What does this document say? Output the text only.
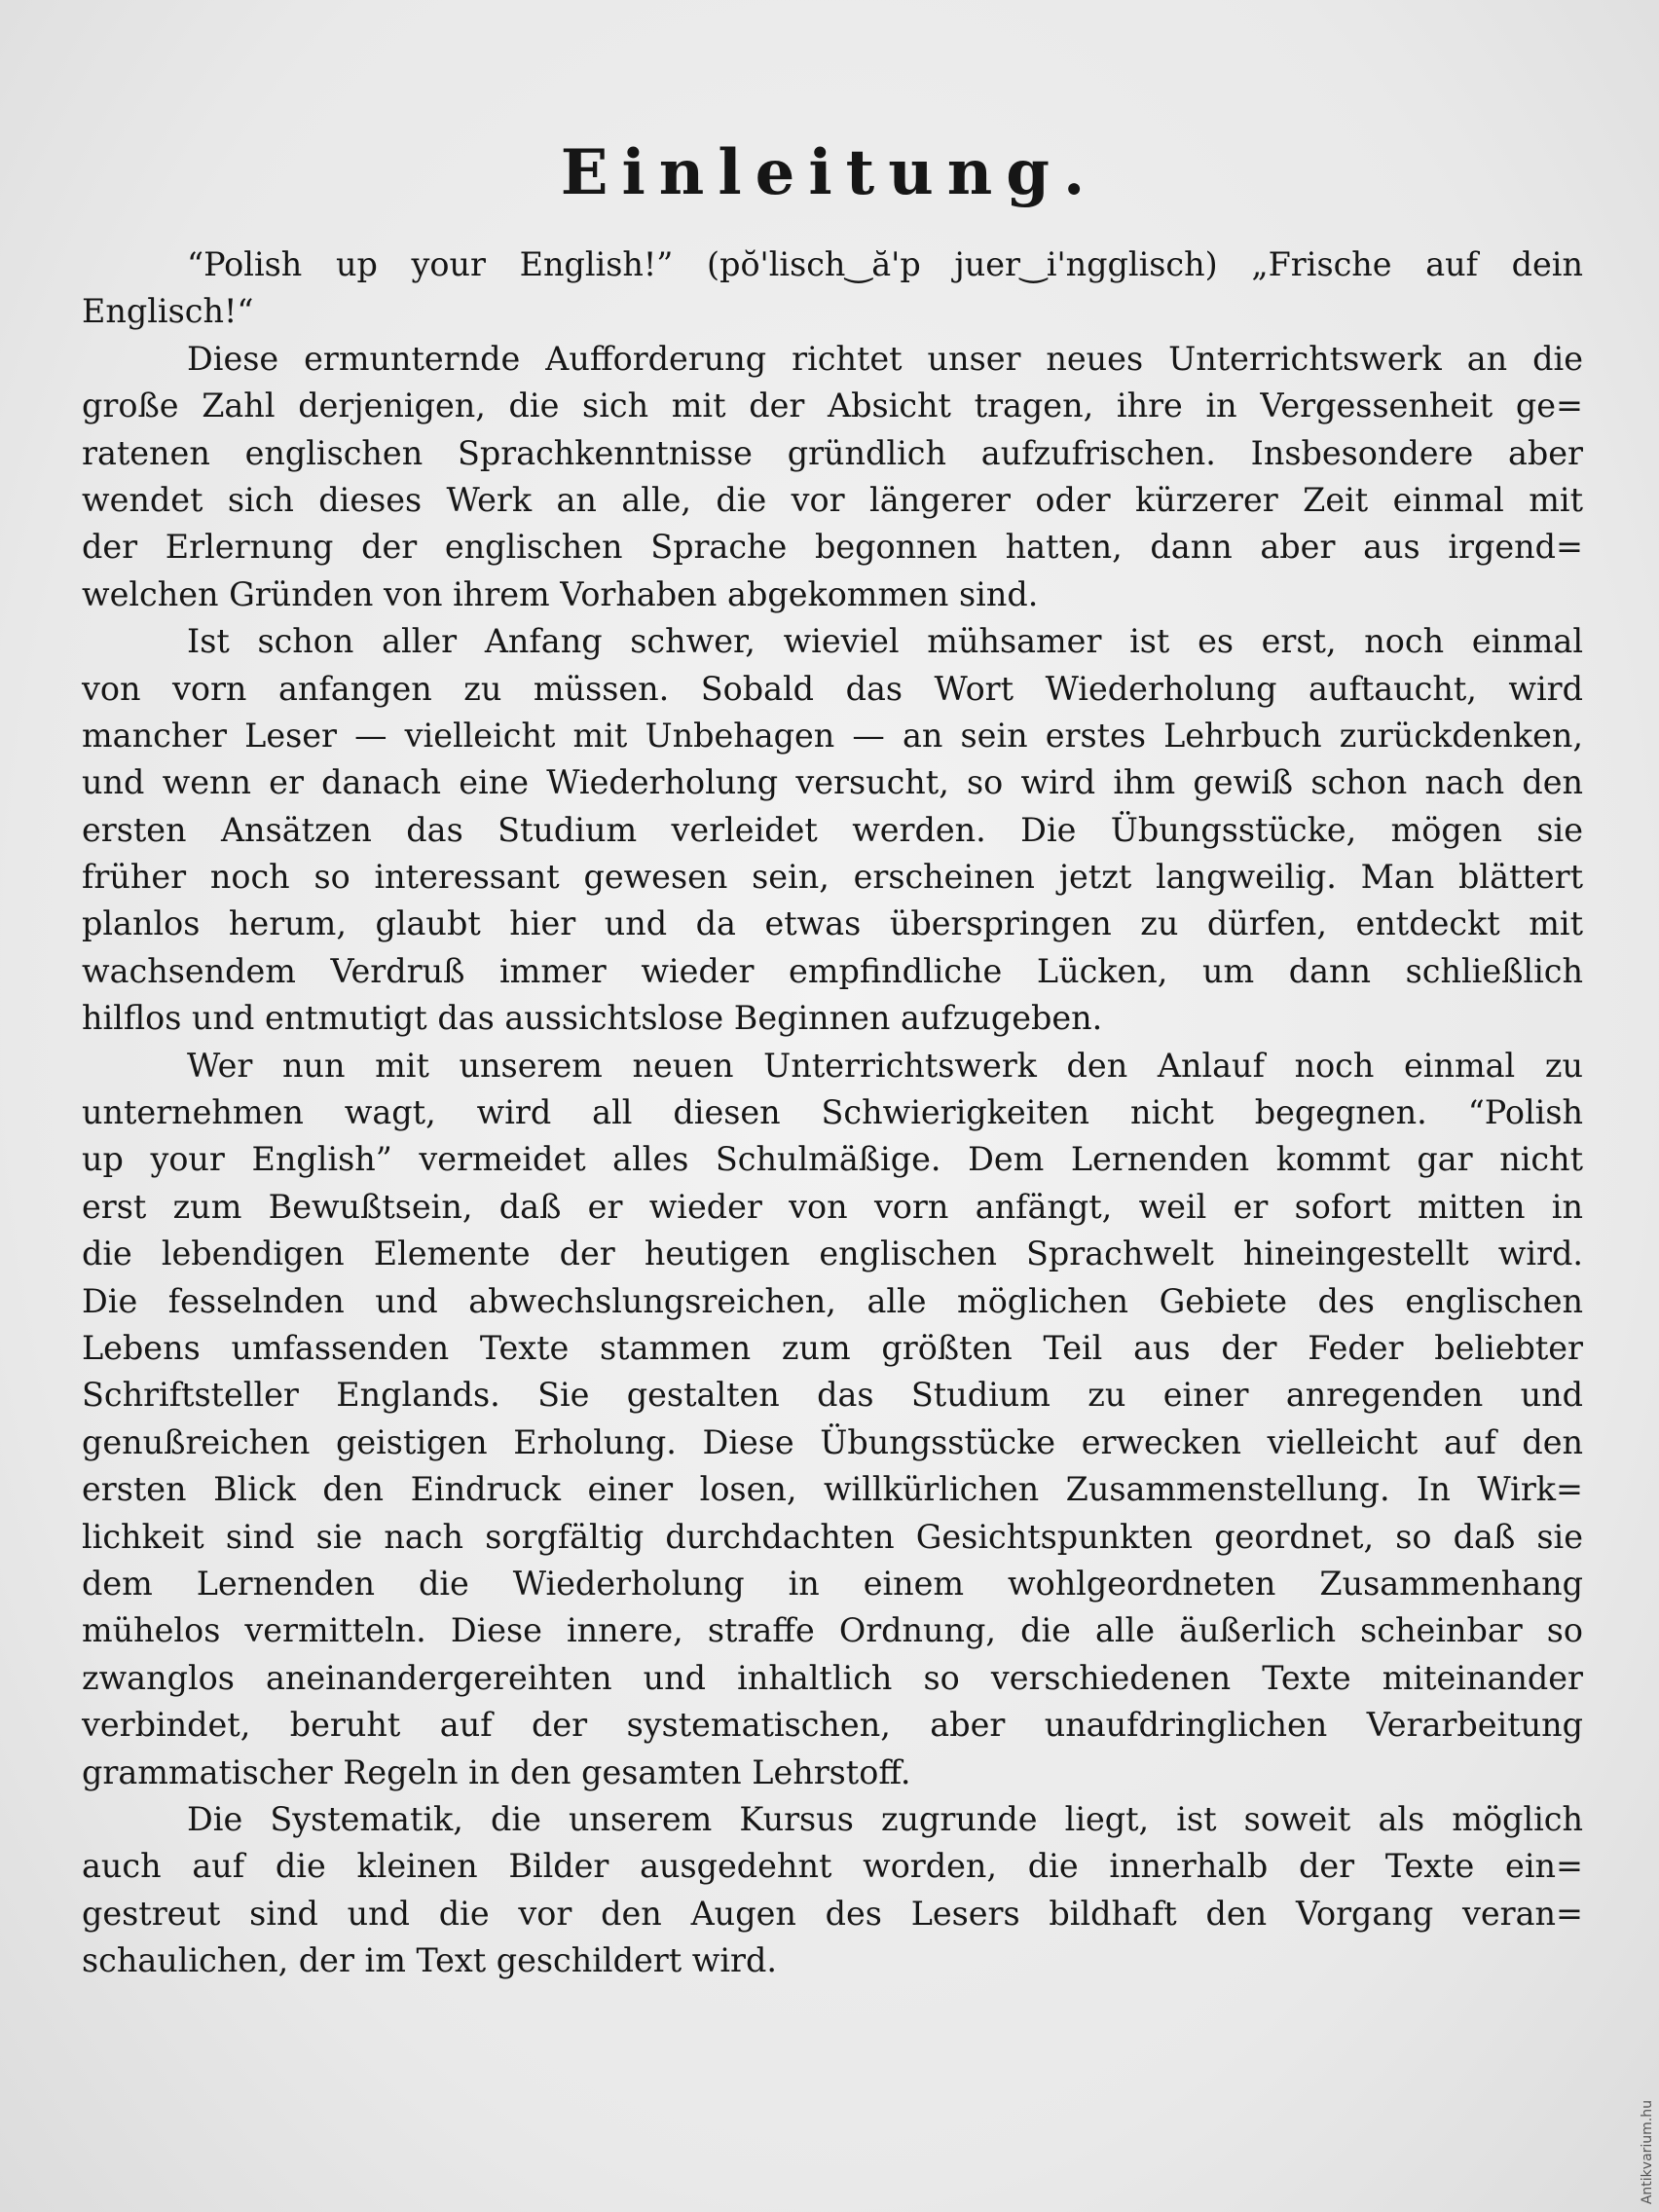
Einleitung.
“Polish up your English!” (pŏ'lisch‿ă'p juer‿i'ngglisch) „Frische auf dein
Englisch!“
Diese ermunternde Aufforderung richtet unser neues Unterrichtswerk an die
große Zahl derjenigen, die sich mit der Absicht tragen, ihre in Vergessenheit ge=
ratenen englischen Sprachkenntnisse gründlich aufzufrischen. Insbesondere aber
wendet sich dieses Werk an alle, die vor längerer oder kürzerer Zeit einmal mit
der Erlernung der englischen Sprache begonnen hatten, dann aber aus irgend=
welchen Gründen von ihrem Vorhaben abgekommen sind.
Ist schon aller Anfang schwer, wieviel mühsamer ist es erst, noch einmal
von vorn anfangen zu müssen. Sobald das Wort Wiederholung auftaucht, wird
mancher Leser — vielleicht mit Unbehagen — an sein erstes Lehrbuch zurückdenken,
und wenn er danach eine Wiederholung versucht, so wird ihm gewiß schon nach den
ersten Ansätzen das Studium verleidet werden. Die Übungsstücke, mögen sie
früher noch so interessant gewesen sein, erscheinen jetzt langweilig. Man blättert
planlos herum, glaubt hier und da etwas überspringen zu dürfen, entdeckt mit
wachsendem Verdruß immer wieder empfindliche Lücken, um dann schließlich
hilflos und entmutigt das aussichtslose Beginnen aufzugeben.
Wer nun mit unserem neuen Unterrichtswerk den Anlauf noch einmal zu
unternehmen wagt, wird all diesen Schwierigkeiten nicht begegnen. “Polish
up your English” vermeidet alles Schulmäßige. Dem Lernenden kommt gar nicht
erst zum Bewußtsein, daß er wieder von vorn anfängt, weil er sofort mitten in
die lebendigen Elemente der heutigen englischen Sprachwelt hineingestellt wird.
Die fesselnden und abwechslungsreichen, alle möglichen Gebiete des englischen
Lebens umfassenden Texte stammen zum größten Teil aus der Feder beliebter
Schriftsteller Englands. Sie gestalten das Studium zu einer anregenden und
genußreichen geistigen Erholung. Diese Übungsstücke erwecken vielleicht auf den
ersten Blick den Eindruck einer losen, willkürlichen Zusammenstellung. In Wirk=
lichkeit sind sie nach sorgfältig durchdachten Gesichtspunkten geordnet, so daß sie
dem Lernenden die Wiederholung in einem wohlgeordneten Zusammenhang
mühelos vermitteln. Diese innere, straffe Ordnung, die alle äußerlich scheinbar so
zwanglos aneinandergereihten und inhaltlich so verschiedenen Texte miteinander
verbindet, beruht auf der systematischen, aber unaufdringlichen Verarbeitung
grammatischer Regeln in den gesamten Lehrstoff.
Die Systematik, die unserem Kursus zugrunde liegt, ist soweit als möglich
auch auf die kleinen Bilder ausgedehnt worden, die innerhalb der Texte ein=
gestreut sind und die vor den Augen des Lesers bildhaft den Vorgang veran=
schaulichen, der im Text geschildert wird.
Antikvarium.hu
